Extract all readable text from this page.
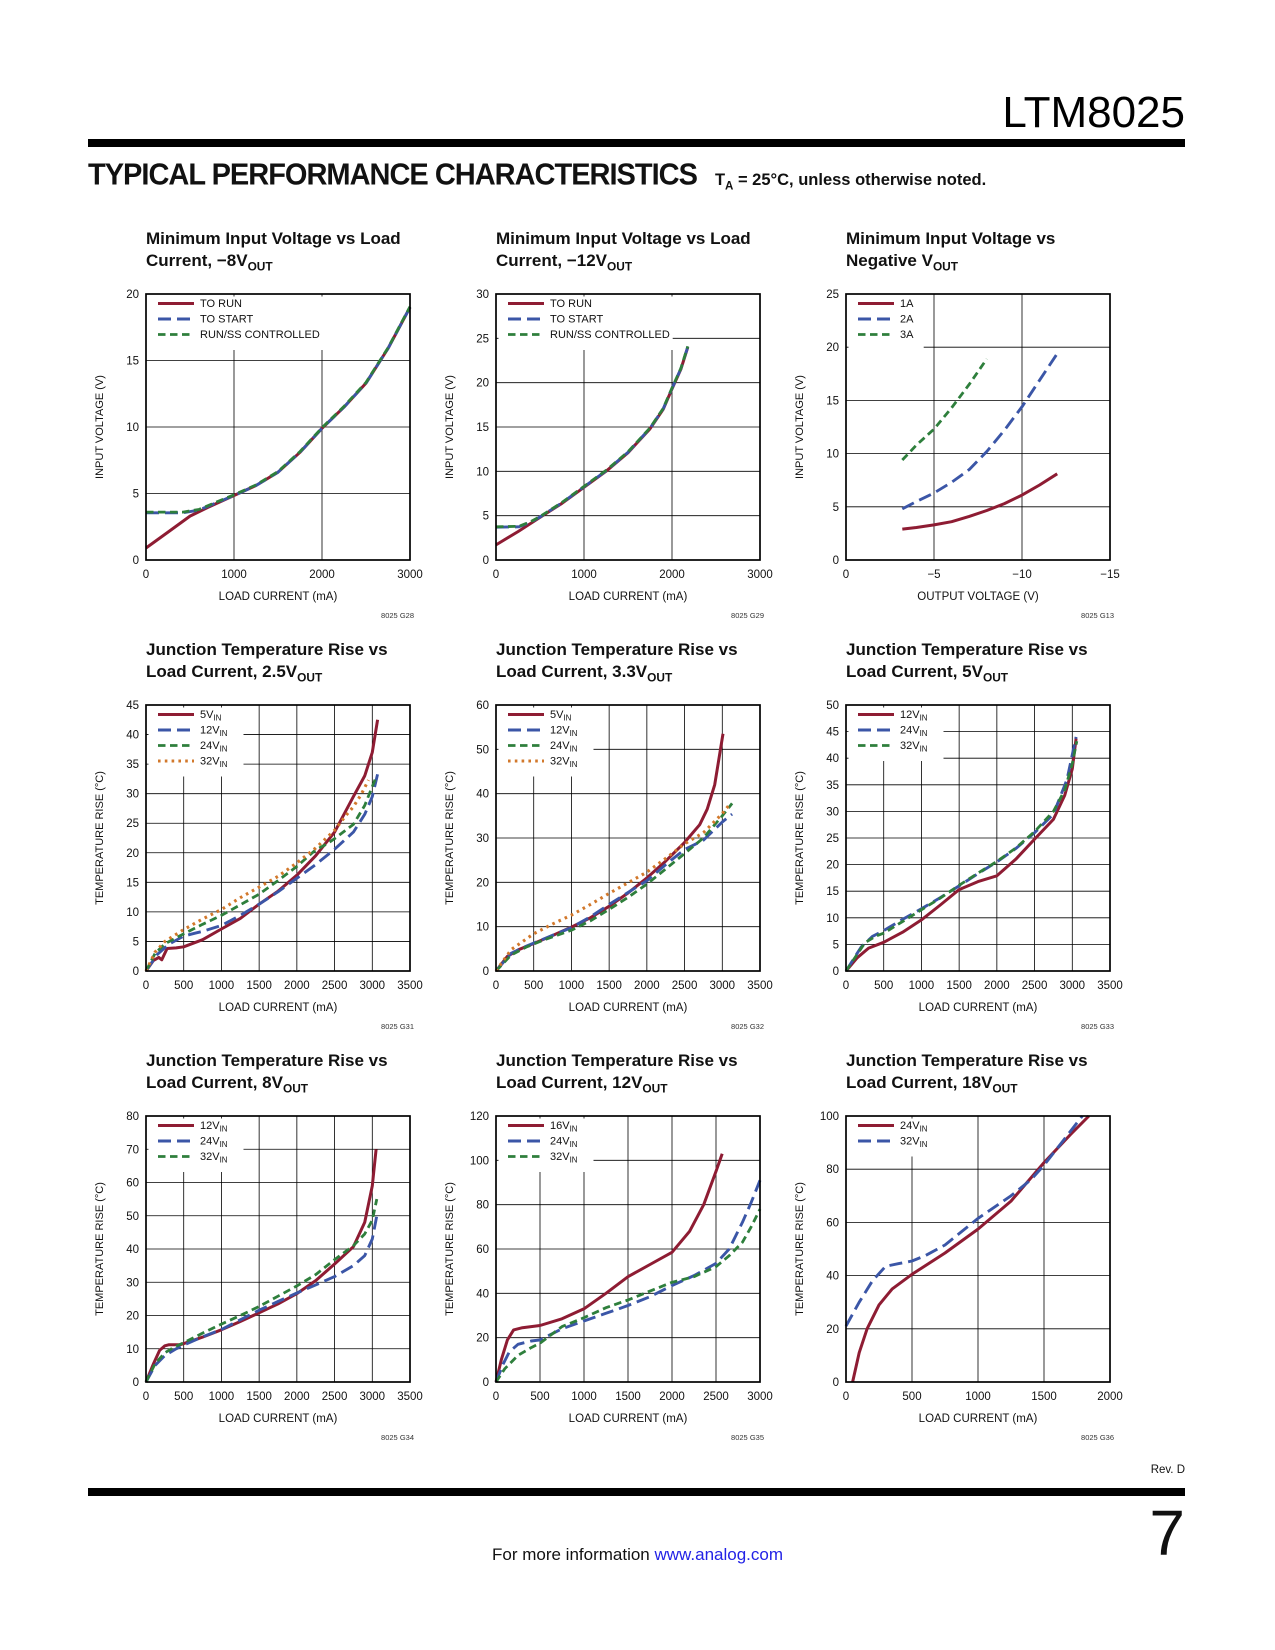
LTM8025
TYPICAL PERFORMANCE CHARACTERISTICS $T_A = 25^\circ C$, unless otherwise noted.
Minimum Input Voltage vs Load
Current, $-8V_{OUT}$
TO RUN
TO START
RUN/SS CONTROLLED
0	1000	2000	3000
0
5
10
15
20
LOAD CURRENT (mA)
INPUT VOLTAGE (V)
8025 G28
Minimum Input Voltage vs Load
Current, $-12V_{OUT}$
TO RUN
TO START
RUN/SS CONTROLLED
0	1000	2000	3000
0
5
10
15
20
25
30
LOAD CURRENT (mA)
INPUT VOLTAGE (V)
8025 G29
Minimum Input Voltage vs
Negative $V_{OUT}$
1A
2A
3A
0	−5	−10	−15
0
5
10
15
20
25
OUTPUT VOLTAGE (V)
INPUT VOLTAGE (V)
8025 G13
Junction Temperature Rise vs
Load Current, $2.5V_{OUT}$
$5V_{IN}$
$12V_{IN}$
$24V_{IN}$
$32V_{IN}$
0 500 1000 1500 2000 2500 3000 3500
0
5
10
15
20
25
30
35
40
45
LOAD CURRENT (mA)
TEMPERATURE RISE (°C)
8025 G31
Junction Temperature Rise vs
Load Current, $3.3V_{OUT}$
$5V_{IN}$
$12V_{IN}$
$24V_{IN}$
$32V_{IN}$
0 500 1000 1500 2000 2500 3000 3500
0
10
20
30
40
50
60
LOAD CURRENT (mA)
TEMPERATURE RISE (°C)
8025 G32
Junction Temperature Rise vs
Load Current, $5V_{OUT}$
$12V_{IN}$
$24V_{IN}$
$32V_{IN}$
0 500 1000 1500 2000 2500 3000 3500
0
5
10
15
20
25
30
35
40
45
50
LOAD CURRENT (mA)
TEMPERATURE RISE (°C)
8025 G33
Junction Temperature Rise vs
Load Current, $8V_{OUT}$
$12V_{IN}$
$24V_{IN}$
$32V_{IN}$
0 500 1000 1500 2000 2500 3000 3500
0
10
20
30
40
50
60
70
80
LOAD CURRENT (mA)
TEMPERATURE RISE (°C)
8025 G34
Junction Temperature Rise vs
Load Current, $12V_{OUT}$
$16V_{IN}$
$24V_{IN}$
$32V_{IN}$
0	500 1000 1500 2000 2500 3000
0
20
40
60
80
100
120
LOAD CURRENT (mA)
TEMPERATURE RISE (°C)
8025 G35
Junction Temperature Rise vs
Load Current, $18V_{OUT}$
$24V_{IN}$
$32V_{IN}$
0	500	1000	1500	2000
0
20
40
60
80
100
LOAD CURRENT (mA)
TEMPERATURE RISE (°C)
8025 G36
Rev. D
7
For more information www.analog.com
